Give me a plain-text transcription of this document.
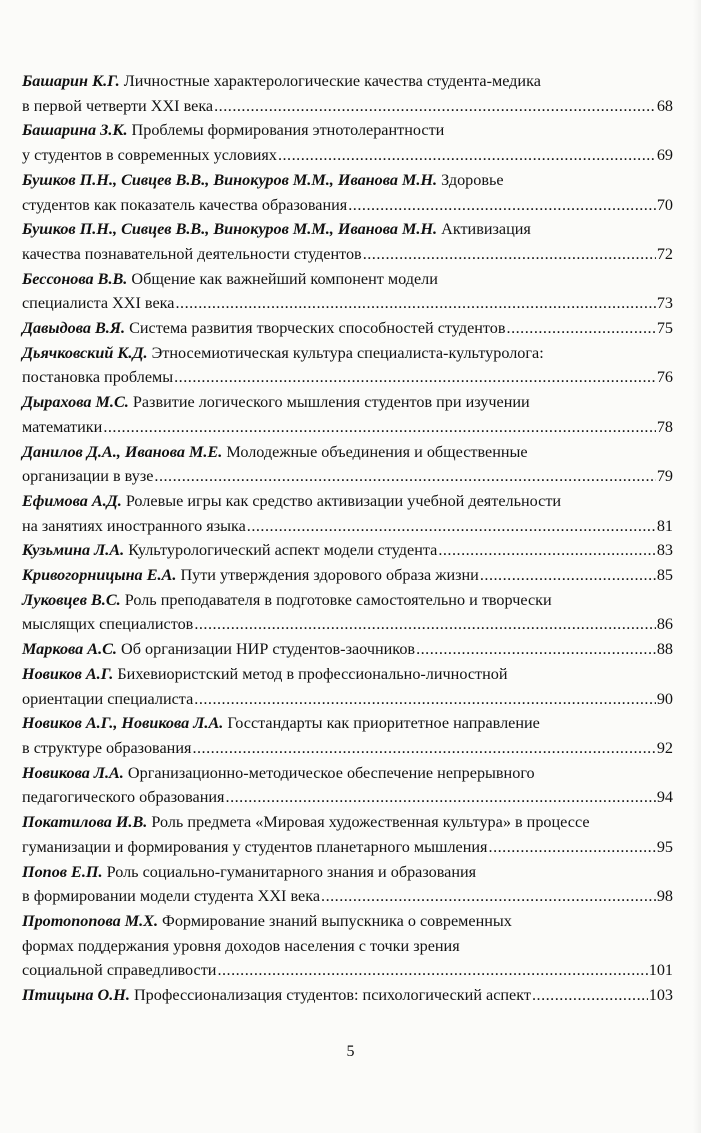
Башарин К.Г. Личностные характерологические качества студента-медика
в первой четверти XXI века .....	68
Башарина З.К. Проблемы формирования этнотолерантности
у студентов в современных условиях .....	69
Бушков П.Н., Сивцев В.В., Винокуров М.М., Иванова М.Н. Здоровье
студентов как показатель качества образования .....	70
Бушков П.Н., Сивцев В.В., Винокуров М.М., Иванова М.Н. Активизация
качества познавательной деятельности студентов .....	72
Бессонова В.В. Общение как важнейший компонент модели
специалиста XXI века .....	73
Давыдова В.Я.
Система развития творческих способностей студентов .....	75
Дьячковский К.Д. Этносемиотическая культура специалиста-культуролога:
постановка проблемы .....	76
Дырахова М.С. Развитие логического мышления студентов при изучении
математики .....	78
Данилов Д.А., Иванова М.Е. Молодежные объединения и общественные
организации в вузе .....	79
Ефимова А.Д. Ролевые игры как средство активизации учебной деятельности
на занятиях иностранного языка .....	81
Кузьмина Л.А.
Культурологический аспект модели студента .....	83
Кривогорницына Е.А.
Пути утверждения здорового образа жизни .....	85
Луковцев В.С. Роль преподавателя в подготовке самостоятельно и творчески
мыслящих специалистов .....	86
Маркова А.С.
Об организации НИР студентов-заочников .....	88
Новиков А.Г. Бихевиористский метод в профессионально-личностной
ориентации специалиста .....	90
Новиков А.Г., Новикова Л.А. Госстандарты как приоритетное направление
в структуре образования .....	92
Новикова Л.А. Организационно-методическое обеспечение непрерывного
педагогического образования .....	94
Покатилова И.В. Роль предмета «Мировая художественная культура» в процессе
гуманизации и формирования у студентов планетарного мышления .....	95
Попов Е.П. Роль социально-гуманитарного знания и образования
в формировании модели студента XXI века .....	98
Протопопова М.Х. Формирование знаний выпускника о современных
формах поддержания уровня доходов населения с точки зрения
социальной справедливости .....	101
Птицына О.Н.
Профессионализация студентов: психологический аспект .....	103
5
